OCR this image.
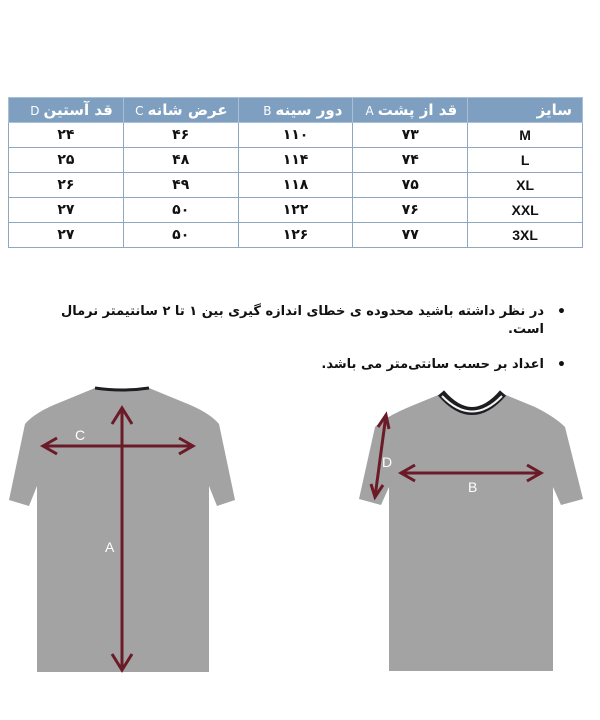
سایز	قد از پشتA	دور سینهB	عرض شانهC	قد آستینD
M	۷۳	۱۱۰	۴۶	۲۴
L	۷۴	۱۱۴	۴۸	۲۵
XL	۷۵	۱۱۸	۴۹	۲۶
XXL	۷۶	۱۲۲	۵۰	۲۷
3XL	۷۷	۱۲۶	۵۰	۲۷
• در نظر داشته باشید محدوده ی خطای اندازه گیری بین ۱ تا ۲ سانتیمتر نرمال است.
• اعداد بر حسب سانتی‌متر می باشد.
C
A
B
D
